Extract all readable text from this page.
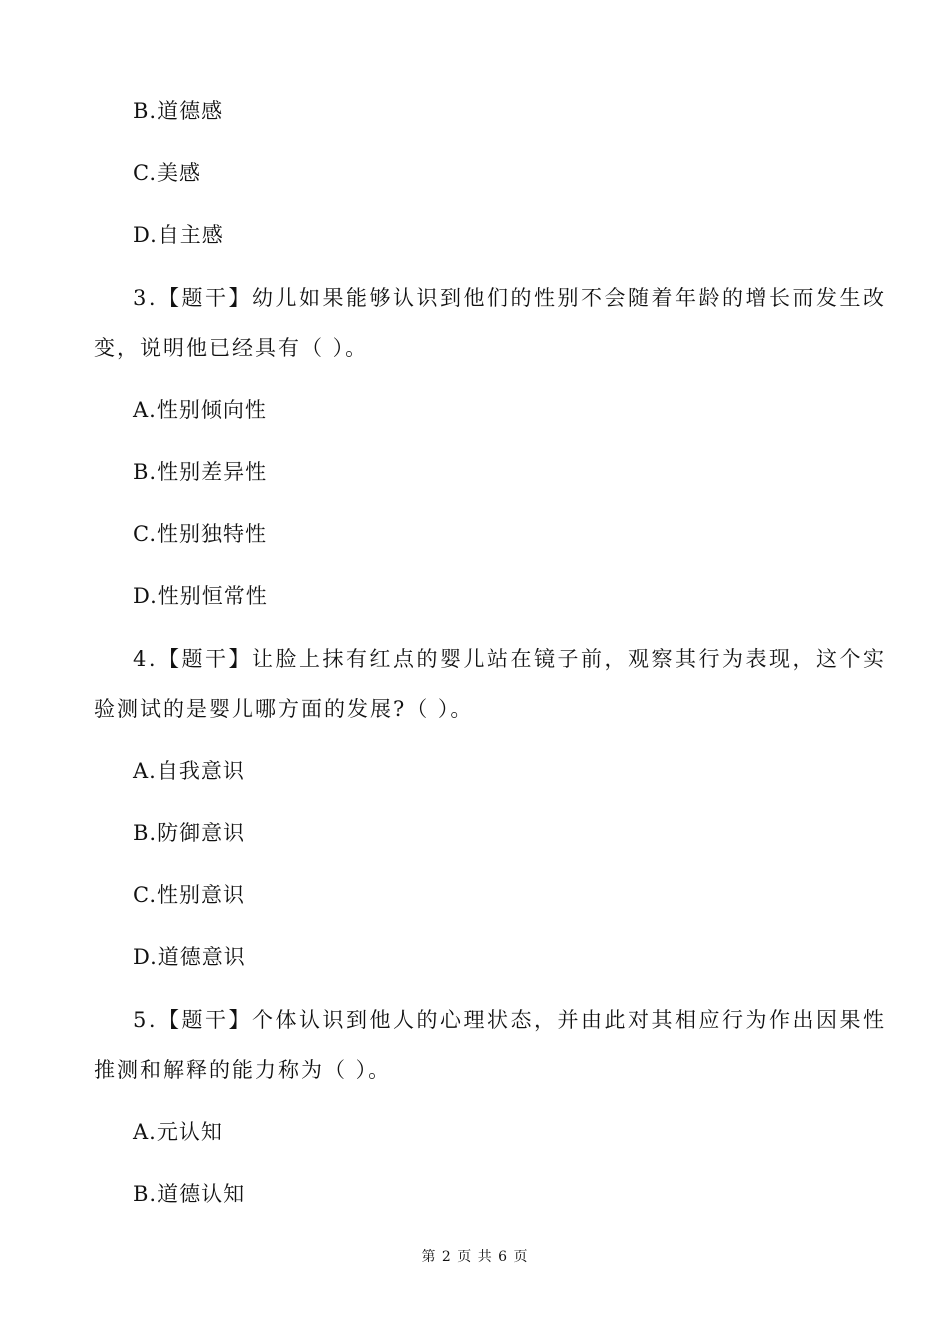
B.道德感
C.美感
D.自主感
3.【题干】幼儿如果能够认识到他们的性别不会随着年龄的增长而发生改
变，说明他已经具有（ ）。
A.性别倾向性
B.性别差异性
C.性别独特性
D.性别恒常性
4.【题干】让脸上抹有红点的婴儿站在镜子前，观察其行为表现，这个实
验测试的是婴儿哪方面的发展?（ ）。
A.自我意识
B.防御意识
C.性别意识
D.道德意识
5.【题干】个体认识到他人的心理状态，并由此对其相应行为作出因果性
推测和解释的能力称为（ ）。
A.元认知
B.道德认知
第 2 页 共 6 页
